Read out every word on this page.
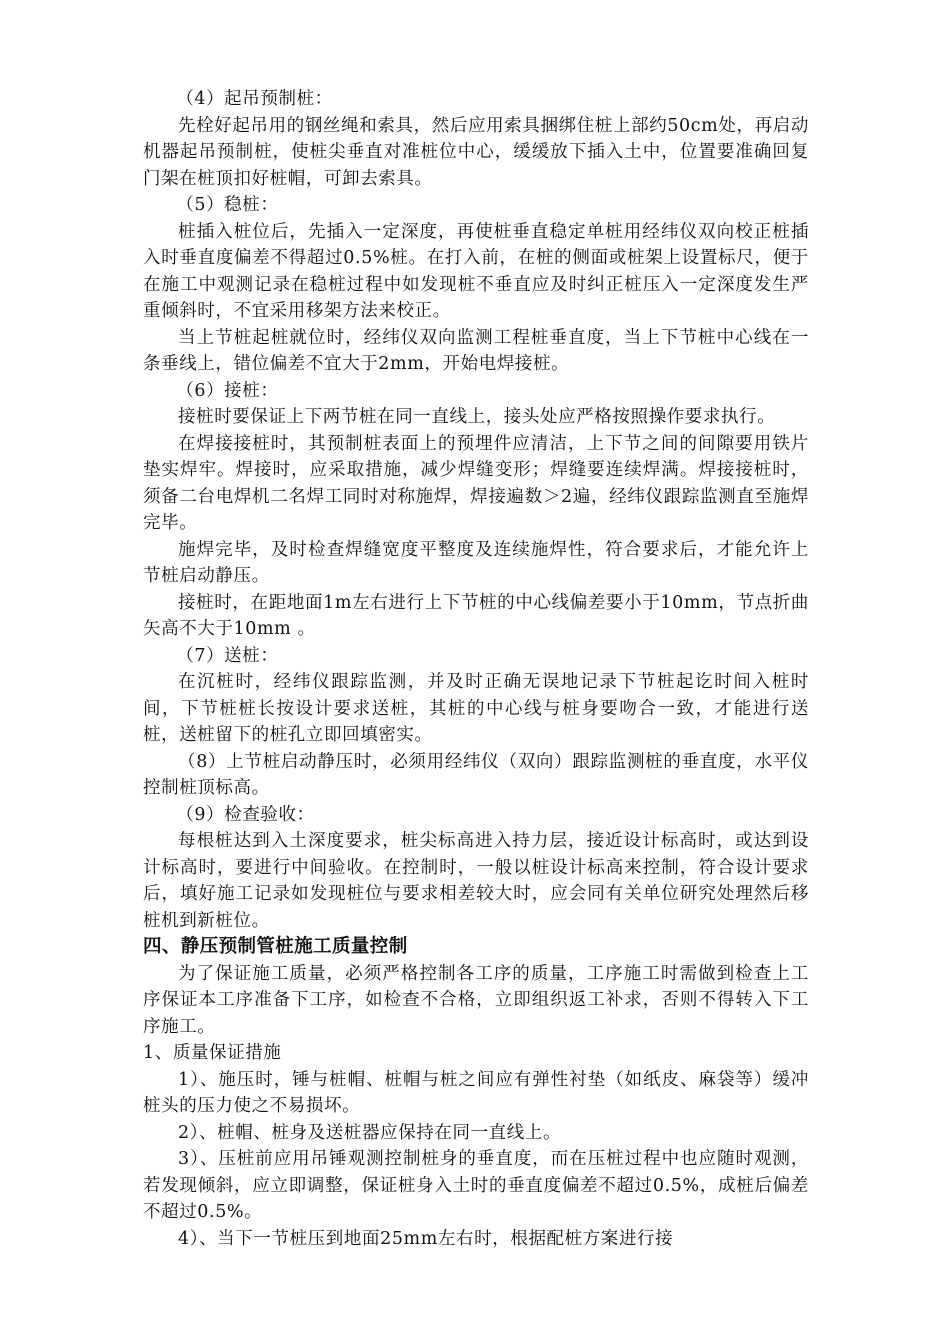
（4）起吊预制桩：

先栓好起吊用的钢丝绳和索具，然后应用索具捆绑住桩上部约50cm处，再启动机器起吊预制桩，使桩尖垂直对准桩位中心，缓缓放下插入土中，位置要准确回复门架在桩顶扣好桩帽，可卸去索具。

（5）稳桩：

桩插入桩位后，先插入一定深度，再使桩垂直稳定单桩用经纬仪双向校正桩插入时垂直度偏差不得超过0.5%桩。在打入前，在桩的侧面或桩架上设置标尺，便于在施工中观测记录在稳桩过程中如发现桩不垂直应及时纠正桩压入一定深度发生严重倾斜时，不宜采用移架方法来校正。

当上节桩起桩就位时，经纬仪双向监测工程桩垂直度，当上下节桩中心线在一条垂线上，错位偏差不宜大于2mm，开始电焊接桩。

（6）接桩：

接桩时要保证上下两节桩在同一直线上，接头处应严格按照操作要求执行。

在焊接接桩时，其预制桩表面上的预埋件应清洁，上下节之间的间隙要用铁片垫实焊牢。焊接时，应采取措施，减少焊缝变形；焊缝要连续焊满。焊接接桩时，须备二台电焊机二名焊工同时对称施焊，焊接遍数＞2遍，经纬仪跟踪监测直至施焊完毕。

施焊完毕，及时检查焊缝宽度平整度及连续施焊性，符合要求后，才能允许上节桩启动静压。

接桩时，在距地面1m左右进行上下节桩的中心线偏差要小于10mm，节点折曲矢高不大于10mm 。

（7）送桩：

在沉桩时，经纬仪跟踪监测，并及时正确无误地记录下节桩起讫时间入桩时间，下节桩桩长按设计要求送桩，其桩的中心线与桩身要吻合一致，才能进行送桩，送桩留下的桩孔立即回填密实。

（8）上节桩启动静压时，必须用经纬仪（双向）跟踪监测桩的垂直度，水平仪控制桩顶标高。

（9）检查验收：

每根桩达到入土深度要求，桩尖标高进入持力层，接近设计标高时，或达到设计标高时，要进行中间验收。在控制时，一般以桩设计标高来控制，符合设计要求后，填好施工记录如发现桩位与要求相差较大时，应会同有关单位研究处理然后移桩机到新桩位。

四、静压预制管桩施工质量控制

为了保证施工质量，必须严格控制各工序的质量，工序施工时需做到检查上工序保证本工序准备下工序，如检查不合格，立即组织返工补求，否则不得转入下工序施工。

1、质量保证措施

1）、施压时，锤与桩帽、桩帽与桩之间应有弹性衬垫（如纸皮、麻袋等）缓冲桩头的压力使之不易损坏。

2）、桩帽、桩身及送桩器应保持在同一直线上。

3）、压桩前应用吊锤观测控制桩身的垂直度，而在压桩过程中也应随时观测，若发现倾斜，应立即调整，保证桩身入土时的垂直度偏差不超过0.5%，成桩后偏差不超过0.5%。

4）、当下一节桩压到地面25mm左右时，根据配桩方案进行接
